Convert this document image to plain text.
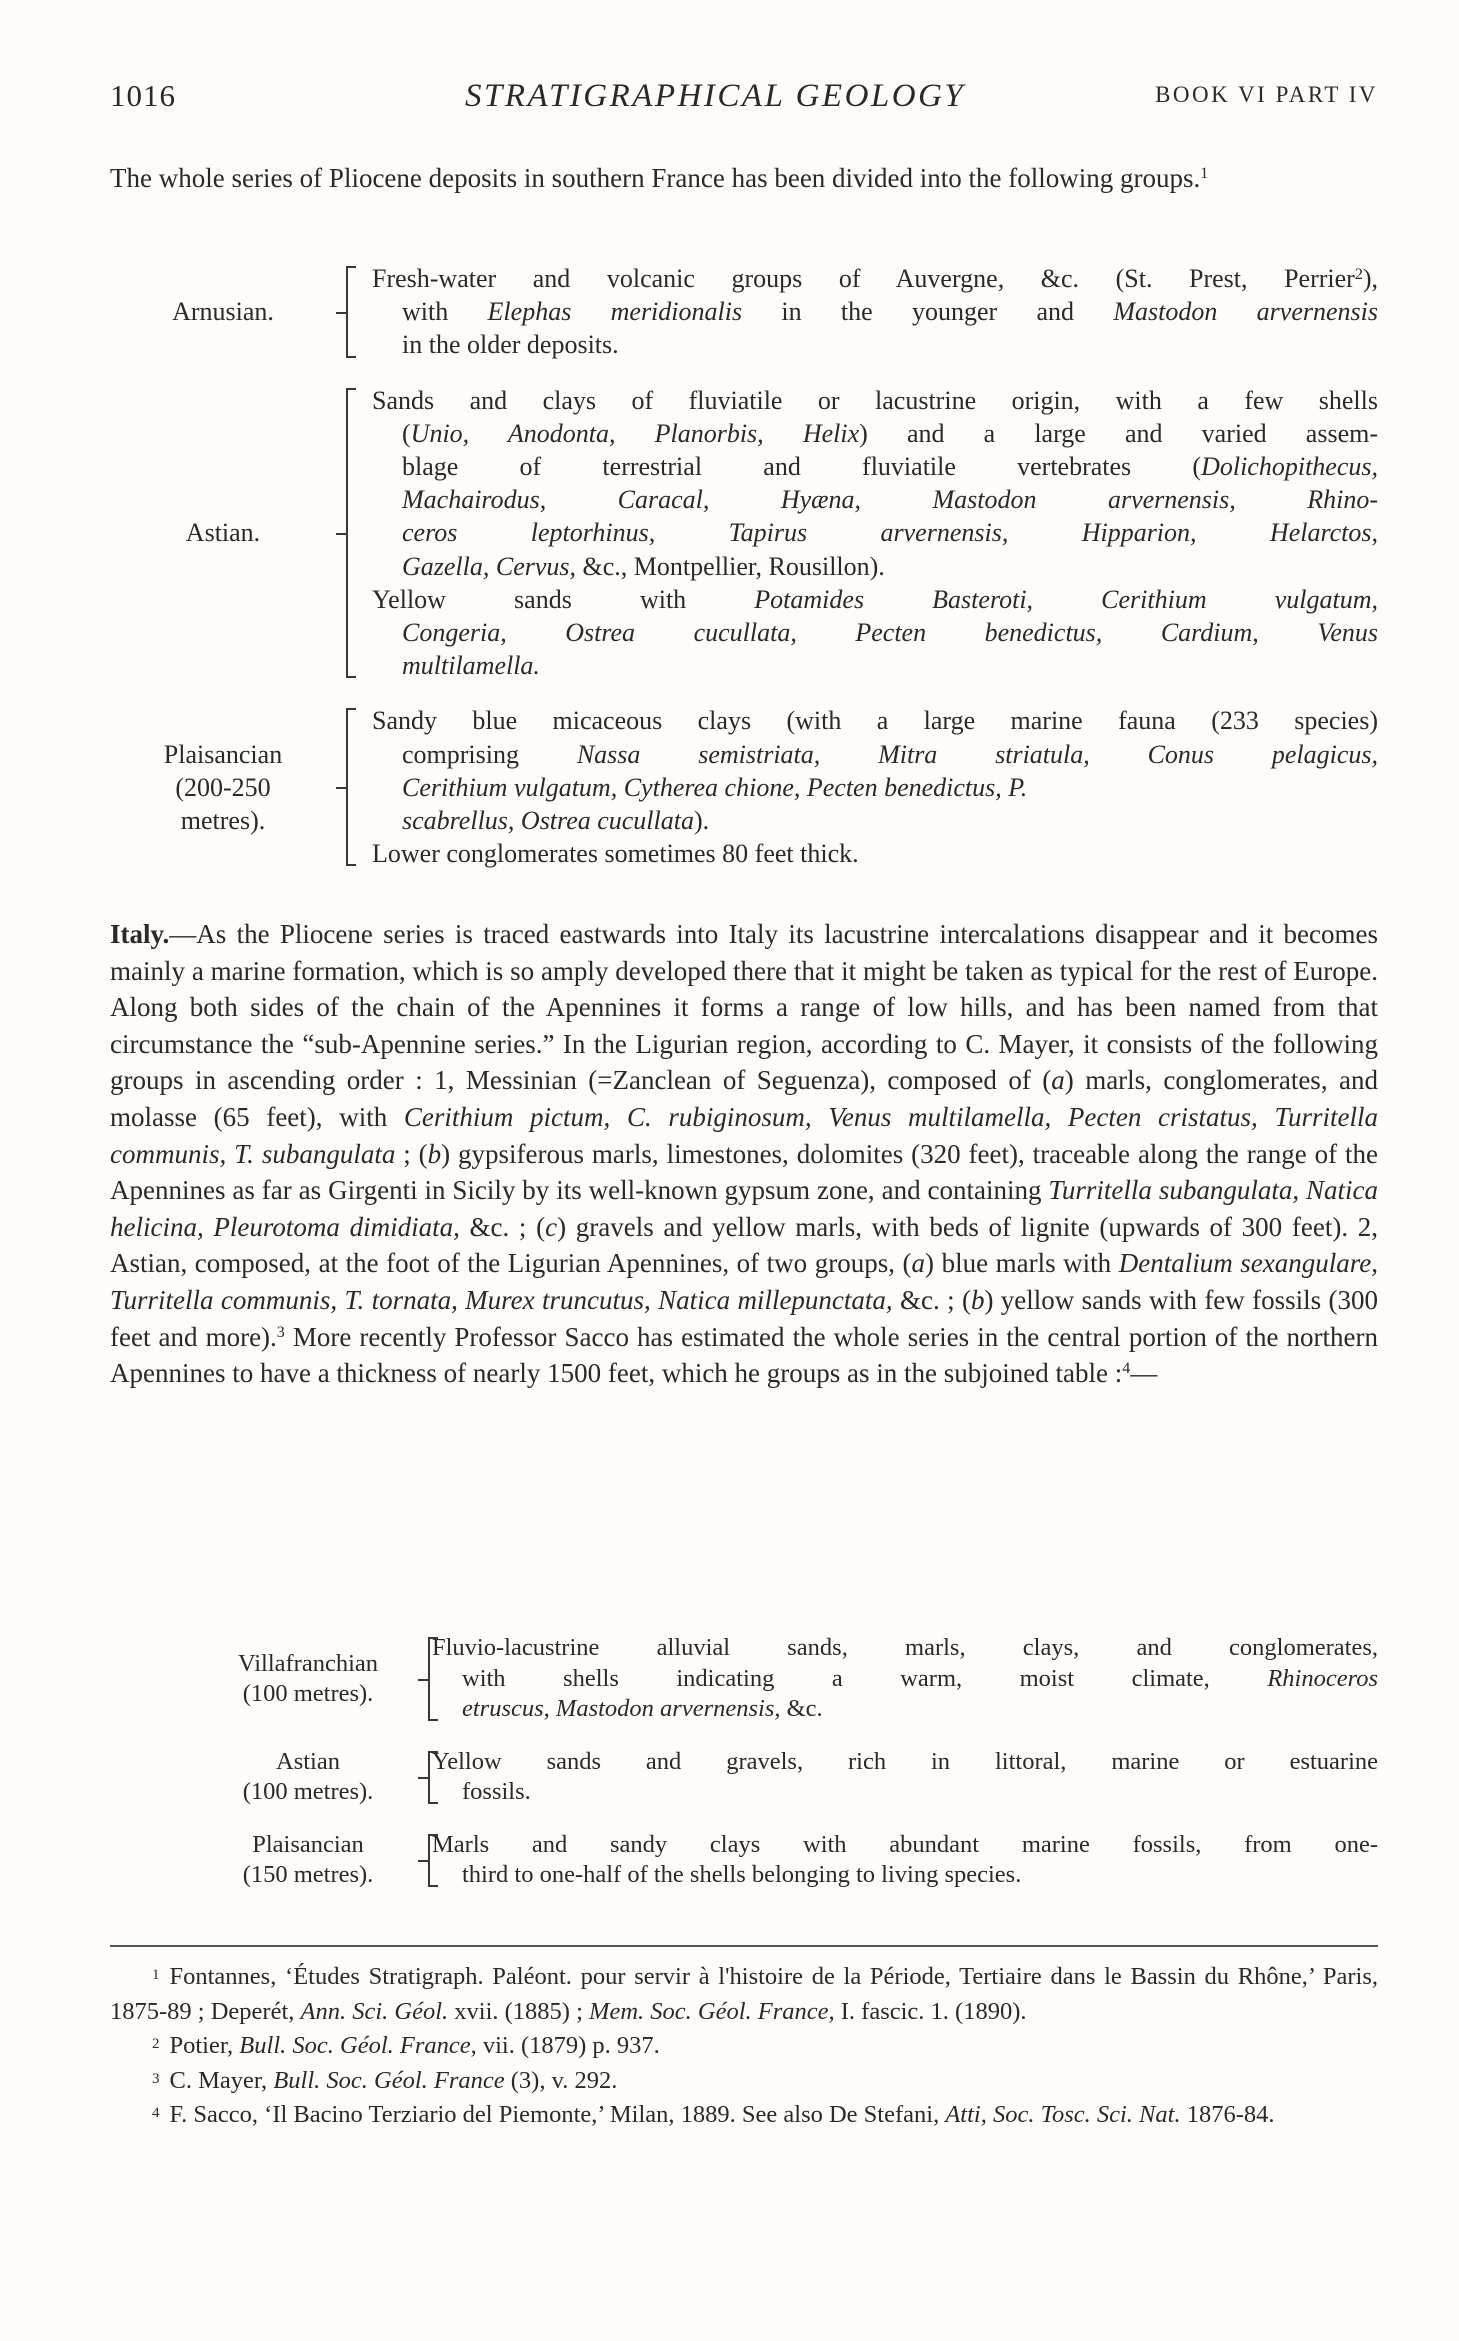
1016	STRATIGRAPHICAL GEOLOGY	BOOK VI PART IV

The whole series of Pliocene deposits in southern France has been divided into the following groups.$^1$

Arnusian.

Fresh-water and volcanic groups of Auvergne, &c. (St. Prest, Perrier$^2$),

with Elephas meridionalis in the younger and Mastodon arvernensis

in the older deposits.

Astian.

Sands and clays of fluviatile or lacustrine origin, with a few shells

(Unio, Anodonta, Planorbis, Helix) and a large and varied assem-

blage of terrestrial and fluviatile vertebrates (Dolichopithecus,

Machairodus, Caracal, Hyæna, Mastodon arvernensis, Rhino-

ceros leptorhinus, Tapirus arvernensis, Hipparion, Helarctos,

Gazella, Cervus, &c., Montpellier, Rousillon).

Yellow sands with Potamides Basteroti, Cerithium vulgatum,

Congeria, Ostrea cucullata, Pecten benedictus, Cardium, Venus

multilamella.

Plaisancian
(200-250
metres).

Sandy blue micaceous clays (with a large marine fauna (233 species)

comprising Nassa semistriata, Mitra striatula, Conus pelagicus,

Cerithium vulgatum, Cytherea chione, Pecten benedictus, P.

scabrellus, Ostrea cucullata).

Lower conglomerates sometimes 80 feet thick.

Italy.—As the Pliocene series is traced eastwards into Italy its lacustrine intercalations disappear and it becomes mainly a marine formation, which is so amply developed there that it might be taken as typical for the rest of Europe. Along both sides of the chain of the Apennines it forms a range of low hills, and has been named from that circumstance the “sub-Apennine series.” In the Ligurian region, according to C. Mayer, it consists of the following groups in ascending order : 1, Messinian (=Zanclean of Seguenza), composed of (a) marls, conglomerates, and molasse (65 feet), with Cerithium pictum, C. rubiginosum, Venus multilamella, Pecten cristatus, Turritella communis, T. subangulata ; (b) gypsiferous marls, limestones, dolomites (320 feet), traceable along the range of the Apennines as far as Girgenti in Sicily by its well-known gypsum zone, and containing Turritella subangulata, Natica helicina, Pleurotoma dimidiata, &c. ; (c) gravels and yellow marls, with beds of lignite (upwards of 300 feet). 2, Astian, composed, at the foot of the Ligurian Apennines, of two groups, (a) blue marls with Dentalium sexangulare, Turritella communis, T. tornata, Murex truncutus, Natica millepunctata, &c. ; (b) yellow sands with few fossils (300 feet and more).$^3$ More recently Professor Sacco has estimated the whole series in the central portion of the northern Apennines to have a thickness of nearly 1500 feet, which he groups as in the subjoined table :$^4$—

Villafranchian
(100 metres).

Fluvio-lacustrine alluvial sands, marls, clays, and conglomerates,

with shells indicating a warm, moist climate, Rhinoceros

etruscus, Mastodon arvernensis, &c.

Astian
(100 metres).

Yellow sands and gravels, rich in littoral, marine or estuarine

fossils.

Plaisancian
(150 metres).

Marls and sandy clays with abundant marine fossils, from one-

third to one-half of the shells belonging to living species.

$^1$ Fontannes, ‘Études Stratigraph. Paléont. pour servir à l'histoire de la Période, Tertiaire dans le Bassin du Rhône,’ Paris, 1875-89 ; Deperét, Ann. Sci. Géol. xvii. (1885) ; Mem. Soc. Géol. France, I. fascic. 1. (1890).

$^2$ Potier, Bull. Soc. Géol. France, vii. (1879) p. 937.

$^3$ C. Mayer, Bull. Soc. Géol. France (3), v. 292.

$^4$ F. Sacco, ‘Il Bacino Terziario del Piemonte,’ Milan, 1889. See also De Stefani, Atti, Soc. Tosc. Sci. Nat. 1876-84.
